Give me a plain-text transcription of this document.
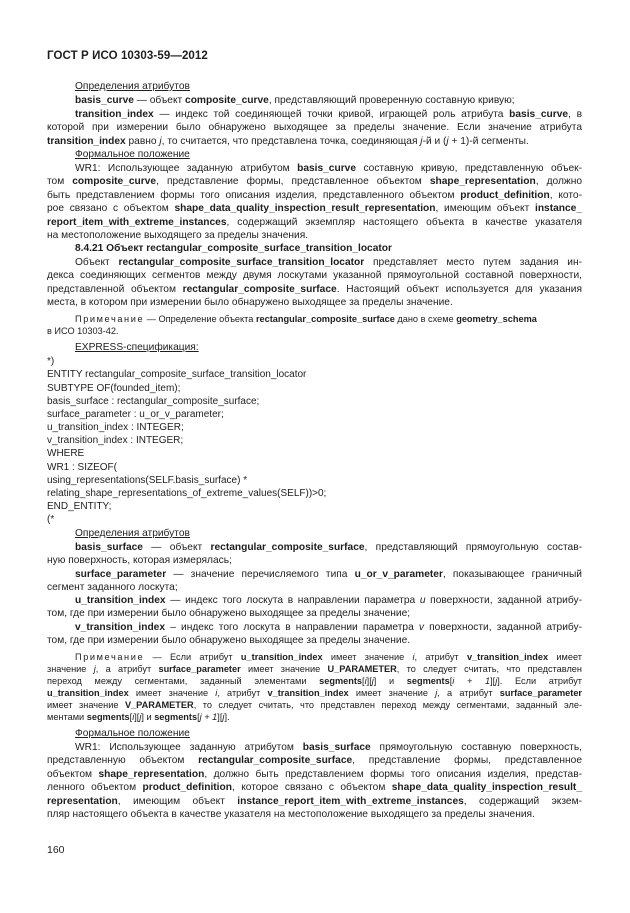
ГОСТ Р ИСО 10303-59—2012
Определения атрибутов
basis_curve — объект composite_curve, представляющий проверенную составную кривую;
transition_index — индекс той соединяющей точки кривой, играющей роль атрибута basis_curve, в
которой при измерении было обнаружено выходящее за пределы значение. Если значение атрибута
transition_index равно j, то считается, что представлена точка, соединяющая j-й и (j + 1)-й сегменты.
Формальное положение
WR1: Использующее заданную атрибутом basis_curve составную кривую, представленную объек-
том composite_curve, представление формы, представленное объектом shape_representation, должно
быть представлением формы того описания изделия, представленного объектом product_definition, кото-
рое связано с объектом shape_data_quality_inspection_result_representation, имеющим объект instance_
report_item_with_extreme_instances, содержащий экземпляр настоящего объекта в качестве указателя
на местоположение выходящего за пределы значения.
8.4.21 Объект rectangular_composite_surface_transition_locator
Объект rectangular_composite_surface_transition_locator представляет место путем задания ин-
декса соединяющих сегментов между двумя лоскутами указанной прямоугольной составной поверхности,
представленной объектом rectangular_composite_surface. Настоящий объект используется для указания
места, в котором при измерении было обнаружено выходящее за пределы значение.
Примечание — Определение объекта rectangular_composite_surface дано в схеме geometry_schema
в ИСО 10303-42.
EXPRESS-спецификация:
*)
ENTITY rectangular_composite_surface_transition_locator
SUBTYPE OF(founded_item);
basis_surface : rectangular_composite_surface;
surface_parameter : u_or_v_parameter;
u_transition_index : INTEGER;
v_transition_index : INTEGER;
WHERE
WR1 : SIZEOF(
using_representations(SELF.basis_surface) *
relating_shape_representations_of_extreme_values(SELF))>0;
END_ENTITY;
(*
Определения атрибутов
basis_surface — объект rectangular_composite_surface, представляющий прямоугольную состав-
ную поверхность, которая измерялась;
surface_parameter — значение перечисляемого типа u_or_v_parameter, показывающее граничный
сегмент заданного лоскута;
u_transition_index — индекс того лоскута в направлении параметра u поверхности, заданной атрибу-
том, где при измерении было обнаружено выходящее за пределы значение;
v_transition_index – индекс того лоскута в направлении параметра v поверхности, заданной атрибу-
том, где при измерении было обнаружено выходящее за пределы значение.
Примечание — Если атрибут u_transition_index имеет значение i, атрибут v_transition_index имеет
значение j, а атрибут surface_parameter имеет значение U_PARAMETER, то следует считать, что представлен
переход между сегментами, заданный элементами segments[i][j] и segments[i + 1][j]. Если атрибут
u_transition_index имеет значение i, атрибут v_transition_index имеет значение j, а атрибут surface_parameter
имеет значение V_PARAMETER, то следует считать, что представлен переход между сегментами, заданный эле-
ментами segments[i][j] и segments[j + 1][j].
Формальное положение
WR1: Использующее заданную атрибутом basis_surface прямоугольную составную поверхность,
представленную объектом rectangular_composite_surface, представление формы, представленное
объектом shape_representation, должно быть представлением формы того описания изделия, представ-
ленного объектом product_definition, которое связано с объектом shape_data_quality_inspection_result_
representation, имеющим объект instance_report_item_with_extreme_instances, содержащий экзем-
пляр настоящего объекта в качестве указателя на местоположение выходящего за пределы значения.
160
